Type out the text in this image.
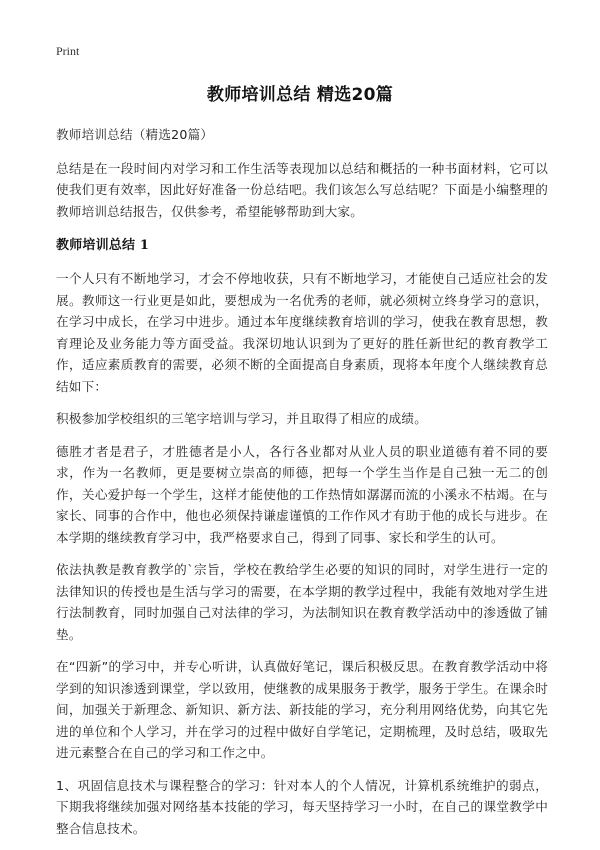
Print
教师培训总结 精选20篇

教师培训总结（精选20篇）

总结是在一段时间内对学习和工作生活等表现加以总结和概括的一种书面材料，它可以使我们更有效率，因此好好准备一份总结吧。我们该怎么写总结呢？下面是小编整理的教师培训总结报告，仅供参考，希望能够帮助到大家。

教师培训总结 1

一个人只有不断地学习，才会不停地收获，只有不断地学习，才能使自己适应社会的发展。教师这一行业更是如此，要想成为一名优秀的老师，就必须树立终身学习的意识，在学习中成长，在学习中进步。通过本年度继续教育培训的学习，使我在教育思想，教育理论及业务能力等方面受益。我深切地认识到为了更好的胜任新世纪的教育教学工作，适应素质教育的需要，必须不断的全面提高自身素质，现将本年度个人继续教育总结如下：

积极参加学校组织的三笔字培训与学习，并且取得了相应的成绩。

德胜才者是君子，才胜德者是小人，各行各业都对从业人员的职业道德有着不同的要求，作为一名教师，更是要树立崇高的师德，把每一个学生当作是自己独一无二的创作，关心爱护每一个学生，这样才能使他的工作热情如潺潺而流的小溪永不枯竭。在与家长、同事的合作中，他也必须保持谦虚谨慎的工作作风才有助于他的成长与进步。在本学期的继续教育学习中，我严格要求自己，得到了同事、家长和学生的认可。

依法执教是教育教学的`宗旨，学校在教给学生必要的知识的同时，对学生进行一定的法律知识的传授也是生活与学习的需要，在本学期的教学过程中，我能有效地对学生进行法制教育，同时加强自己对法律的学习，为法制知识在教育教学活动中的渗透做了铺垫。

在“四新”的学习中，并专心听讲，认真做好笔记，课后积极反思。在教育教学活动中将学到的知识渗透到课堂，学以致用，使继教的成果服务于教学，服务于学生。在课余时间，加强关于新理念、新知识、新方法、新技能的学习，充分利用网络优势，向其它先进的单位和个人学习，并在学习的过程中做好自学笔记，定期梳理，及时总结，吸取先进元素整合在自己的学习和工作之中。

1、巩固信息技术与课程整合的学习：针对本人的个人情况，计算机系统维护的弱点，下期我将继续加强对网络基本技能的学习，每天坚持学习一小时，在自己的课堂教学中整合信息技术。
